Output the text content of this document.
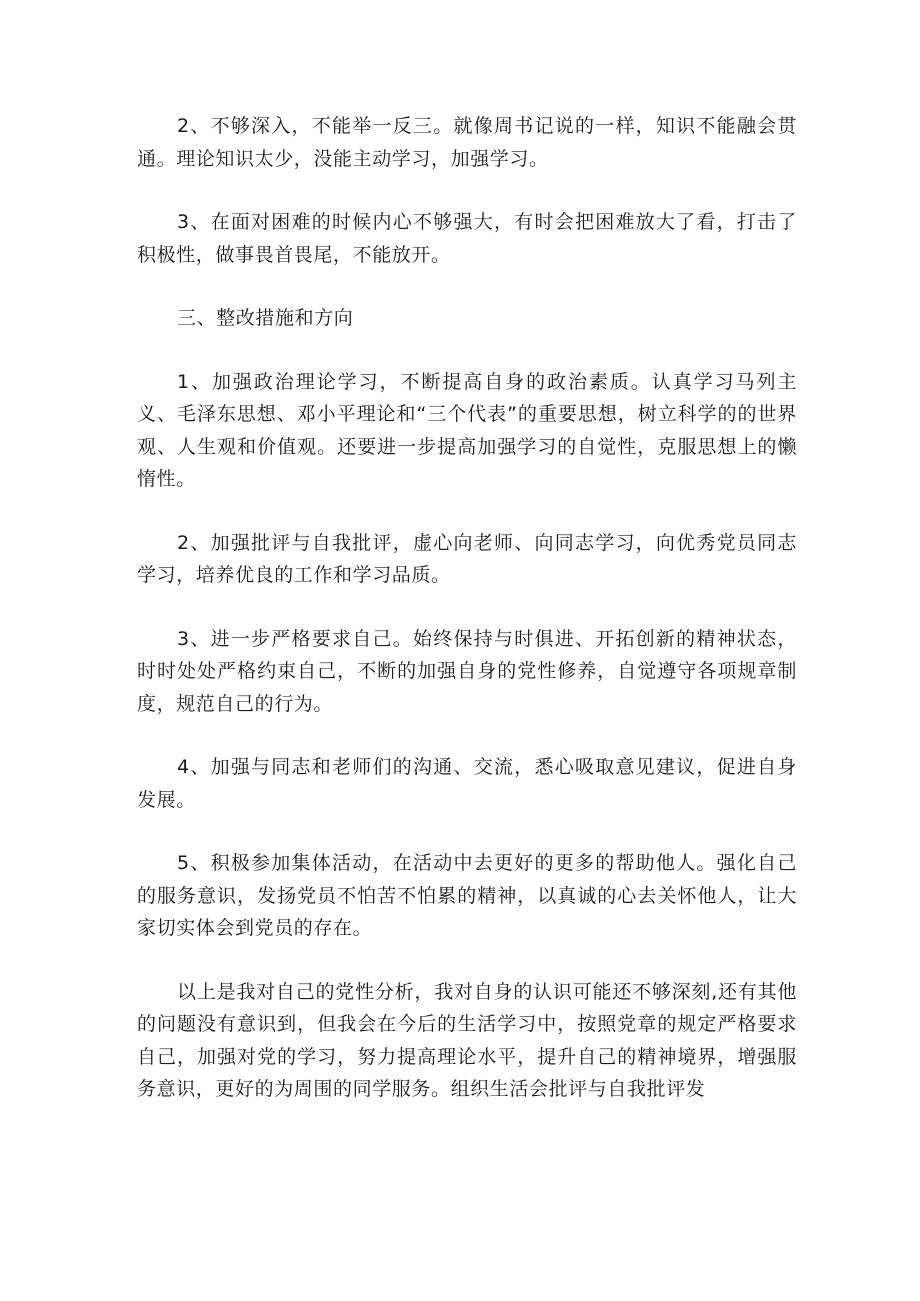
2、不够深入，不能举一反三。就像周书记说的一样，知识不能融会贯通。理论知识太少，没能主动学习，加强学习。

3、在面对困难的时候内心不够强大，有时会把困难放大了看，打击了积极性，做事畏首畏尾，不能放开。

三、整改措施和方向

1、加强政治理论学习，不断提高自身的政治素质。认真学习马列主义、毛泽东思想、邓小平理论和“三个代表”的重要思想，树立科学的的世界观、人生观和价值观。还要进一步提高加强学习的自觉性，克服思想上的懒惰性。

2、加强批评与自我批评，虚心向老师、向同志学习，向优秀党员同志学习，培养优良的工作和学习品质。

3、进一步严格要求自己。始终保持与时俱进、开拓创新的精神状态，时时处处严格约束自己，不断的加强自身的党性修养，自觉遵守各项规章制度，规范自己的行为。

4、加强与同志和老师们的沟通、交流，悉心吸取意见建议，促进自身发展。

5、积极参加集体活动，在活动中去更好的更多的帮助他人。强化自己的服务意识，发扬党员不怕苦不怕累的精神，以真诚的心去关怀他人，让大家切实体会到党员的存在。

以上是我对自己的党性分析，我对自身的认识可能还不够深刻,还有其他的问题没有意识到，但我会在今后的生活学习中，按照党章的规定严格要求自己，加强对党的学习，努力提高理论水平，提升自己的精神境界，增强服务意识，更好的为周围的同学服务。组织生活会批评与自我批评发
